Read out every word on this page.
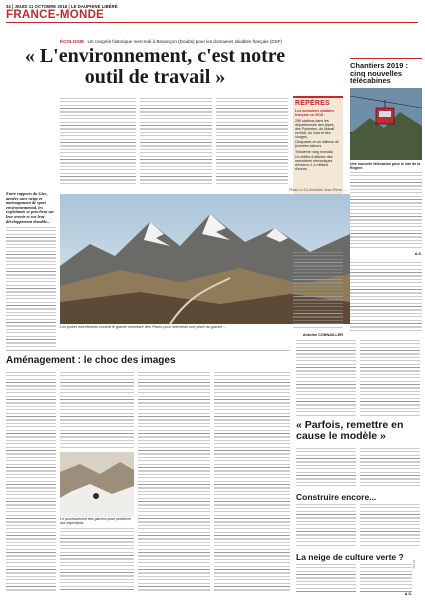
34 | JEUDI 11 OCTOBRE 2018 | LE DAUPHINÉ LIBÉRÉ
FRANCE-MONDE
ÉCOLOGIE Un congrès historique mercredi à Besançon (Doubs) pour les domaines skiables français (DSF)
« L'environnement, c'est notre outil de travail »
REPÈRES
Les domaines skiables français en 2018 :
250 stations dans les départements des Alpes, des Pyrénées, du Massif central, du Jura et des Vosges.
Cinquante-et-un millions de journées skieurs.
Troisième rang mondial.
Un chiffre d'affaires des remontées mécaniques d'environ 1,4 milliard d'euros.
Chantiers 2019 : cinq nouvelles télécabines
Une nouvelle télécabine pour le site de la Rôgère.
A.S.
Photo Le DL/Archives Jean-Pierre ...
Entre rapports du Giec, années sans neige et aménagement de sport environnemental, les exploitants se penchent sur leur avenir et sur leur développement durable...
Les pistes entretenues nouent le glacier entrelacé des Pistes pour entretenir une piste du glacier ...
Antoine CONNAILLER
Aménagement : le choc des images
Le pourrissement des glaciers pose problème aux exploitants.
« Parfois, remettre en cause le modèle »
Construire encore...
La neige de culture verte ?
A.S.
FR-34
